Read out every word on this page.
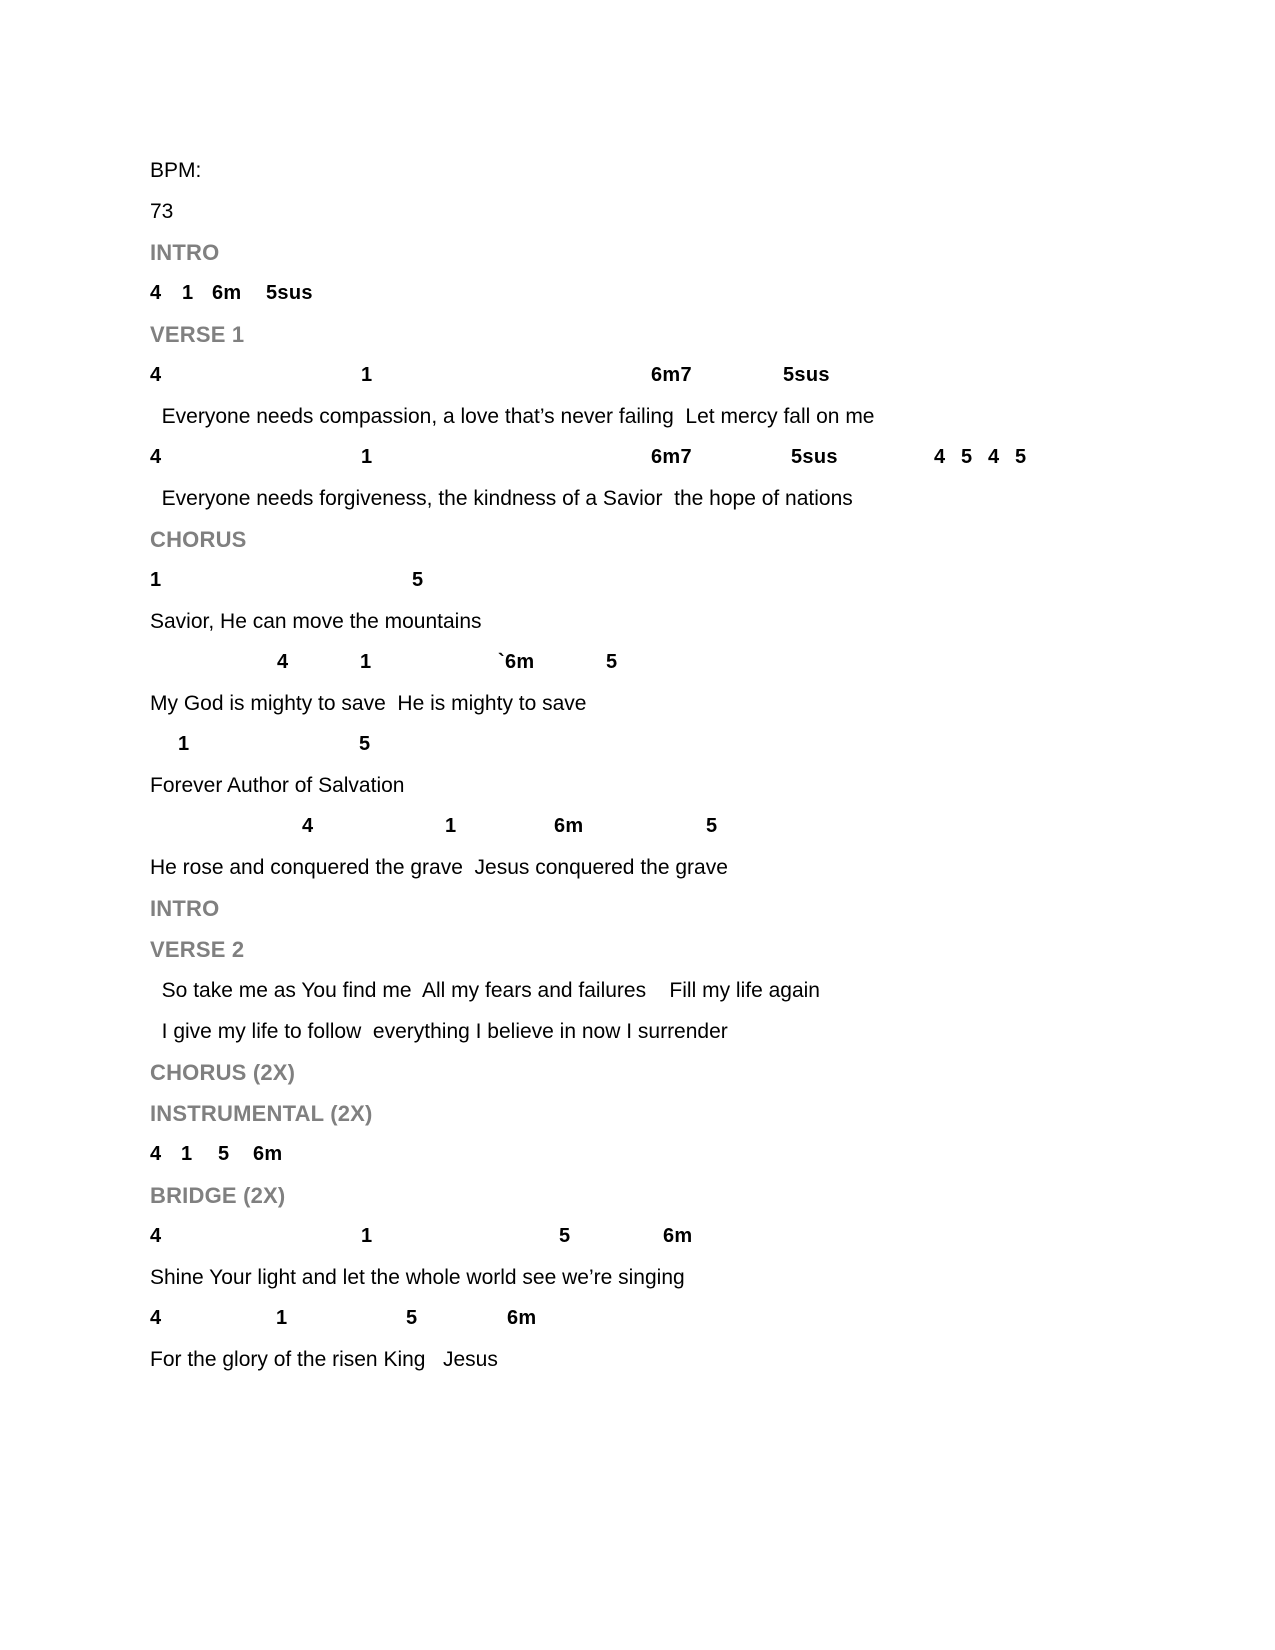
BPM:
73
INTRO
4 1 6m 5sus
VERSE 1
4	1	6m7	5sus
Everyone needs compassion, a love that’s never failing  Let mercy fall on me
4	1	6m7	5sus	4 5 4 5
Everyone needs forgiveness, the kindness of a Savior  the hope of nations
CHORUS
1	5
Savior, He can move the mountains
4	1	`6m	5
My God is mighty to save  He is mighty to save
1	5
Forever Author of Salvation
4	1	6m	5
He rose and conquered the grave  Jesus conquered the grave
INTRO
VERSE 2
So take me as You find me  All my fears and failures    Fill my life again
I give my life to follow  everything I believe in now I surrender
CHORUS (2X)
INSTRUMENTAL (2X)
4 1 5 6m
BRIDGE (2X)
4	1	5	6m
Shine Your light and let the whole world see we’re singing
4	1	5	6m
For the glory of the risen King   Jesus
